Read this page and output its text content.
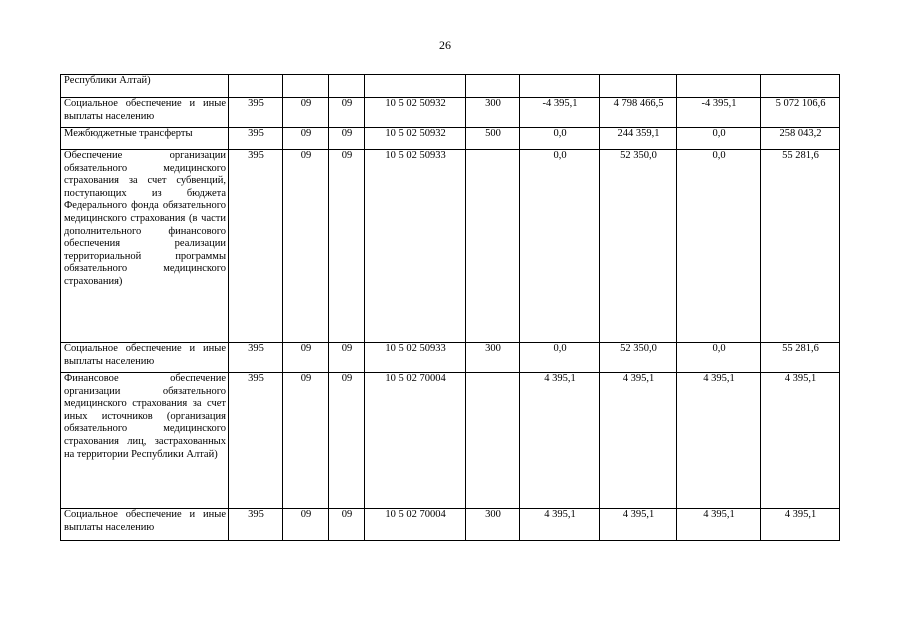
26
Республики Алтай)									
Социальное обеспечение и иные выплаты населению	395	09	09	10 5 02 50932	300	-4 395,1	4 798 466,5	-4 395,1	5 072 106,6
Межбюджетные трансферты	395	09	09	10 5 02 50932	500	0,0	244 359,1	0,0	258 043,2
Обеспечение организации обязательного медицинского страхования за счет субвенций, поступающих из бюджета Федерального фонда обязательного медицинского страхования (в части дополнительного финансового обеспечения реализации территориальной программы обязательного медицинского страхования)	395	09	09	10 5 02 50933		0,0	52 350,0	0,0	55 281,6
Социальное обеспечение и иные выплаты населению	395	09	09	10 5 02 50933	300	0,0	52 350,0	0,0	55 281,6
Финансовое обеспечение организации обязательного медицинского страхования за счет иных источников (организация обязательного медицинского страхования лиц, застрахованных на территории Республики Алтай)	395	09	09	10 5 02 70004		4 395,1	4 395,1	4 395,1	4 395,1
Социальное обеспечение и иные выплаты населению	395	09	09	10 5 02 70004	300	4 395,1	4 395,1	4 395,1	4 395,1
